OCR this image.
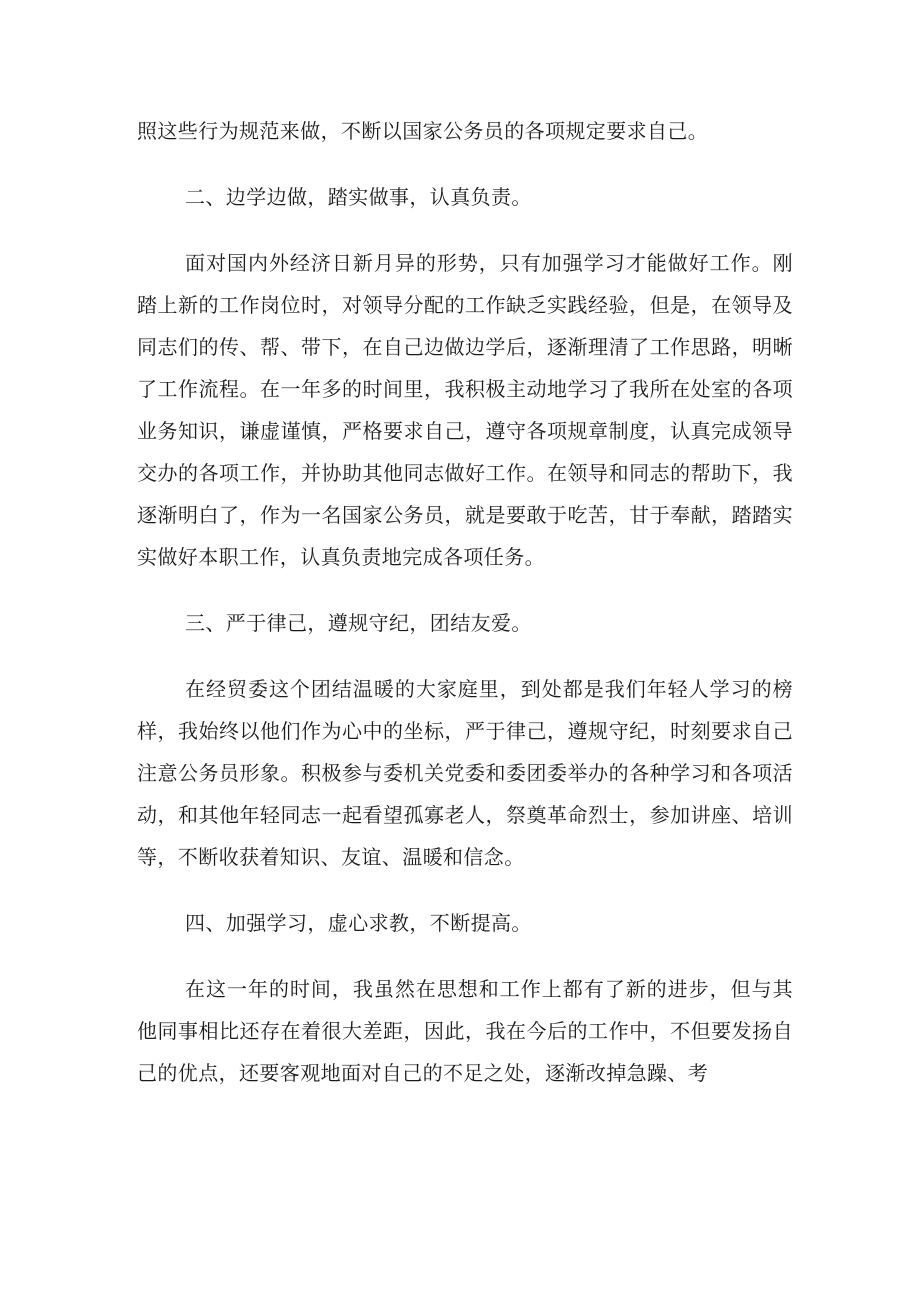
照这些行为规范来做，不断以国家公务员的各项规定要求自己。

二、边学边做，踏实做事，认真负责。

面对国内外经济日新月异的形势，只有加强学习才能做好工作。刚踏上新的工作岗位时，对领导分配的工作缺乏实践经验，但是，在领导及同志们的传、帮、带下，在自己边做边学后，逐渐理清了工作思路，明晰了工作流程。在一年多的时间里，我积极主动地学习了我所在处室的各项业务知识，谦虚谨慎，严格要求自己，遵守各项规章制度，认真完成领导交办的各项工作，并协助其他同志做好工作。在领导和同志的帮助下，我逐渐明白了，作为一名国家公务员，就是要敢于吃苦，甘于奉献，踏踏实实做好本职工作，认真负责地完成各项任务。

三、严于律己，遵规守纪，团结友爱。

在经贸委这个团结温暖的大家庭里，到处都是我们年轻人学习的榜样，我始终以他们作为心中的坐标，严于律己，遵规守纪，时刻要求自己注意公务员形象。积极参与委机关党委和委团委举办的各种学习和各项活动，和其他年轻同志一起看望孤寡老人，祭奠革命烈士，参加讲座、培训等，不断收获着知识、友谊、温暖和信念。

四、加强学习，虚心求教，不断提高。

在这一年的时间，我虽然在思想和工作上都有了新的进步，但与其他同事相比还存在着很大差距，因此，我在今后的工作中，不但要发扬自己的优点，还要客观地面对自己的不足之处，逐渐改掉急躁、考
